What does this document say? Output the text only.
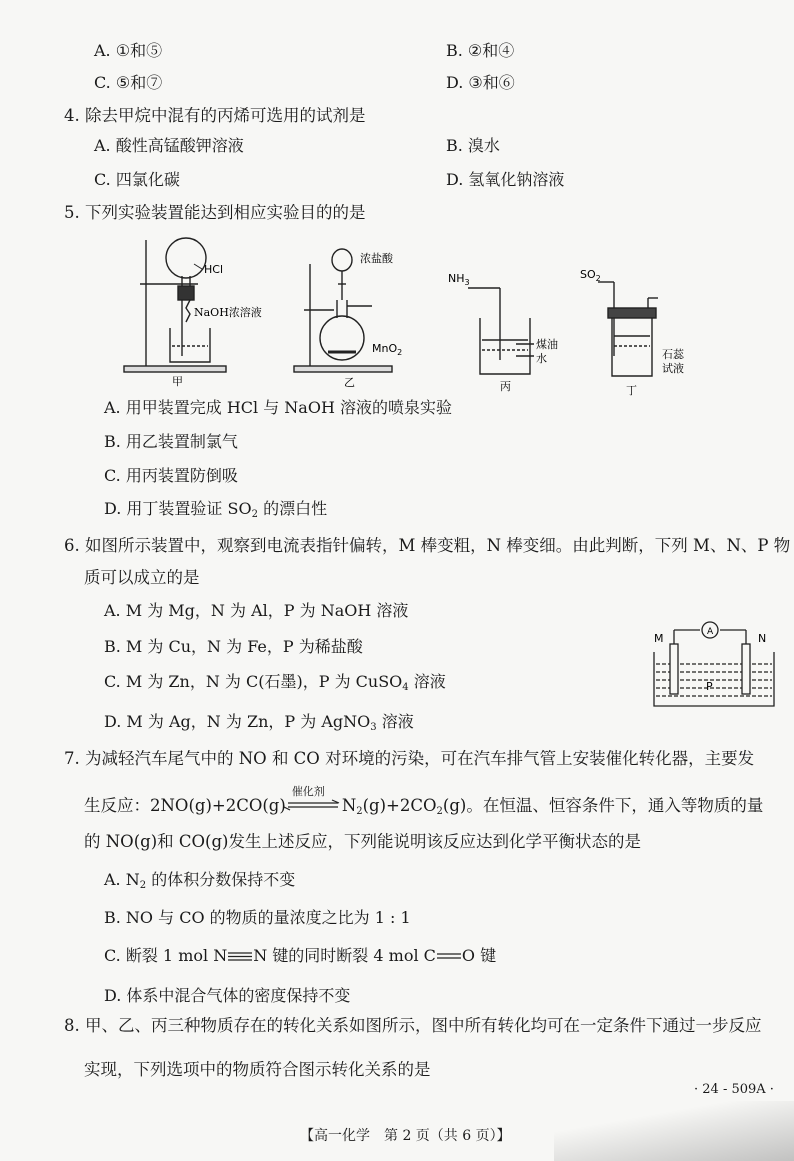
A. ①和⑤	B. ②和④
C. ⑤和⑦	D. ③和⑥
4. 除去甲烷中混有的丙烯可选用的试剂是
A. 酸性高锰酸钾溶液	B. 溴水
C. 四氯化碳	D. 氢氧化钠溶液
5. 下列实验装置能达到相应实验目的的是
HCl
NaOH浓溶液
甲
浓盐酸
MnO$_2$
乙
$NH_3$
煤油
水
丙
$SO_2$
石蕊
试液
丁
A. 用甲装置完成 HCl 与 NaOH 溶液的喷泉实验
B. 用乙装置制氯气
C. 用丙装置防倒吸
D. 用丁装置验证 $SO_2$ 的漂白性
6. 如图所示装置中，观察到电流表指针偏转，M 棒变粗，N 棒变细。由此判断，下列 M、N、P 物
质可以成立的是
A. M 为 Mg，N 为 Al，P 为 NaOH 溶液
B. M 为 Cu，N 为 Fe，P 为稀盐酸
C. M 为 Zn，N 为 C(石墨)，P 为 CuSO$_4$ 溶液
D. M 为 Ag，N 为 Zn，P 为 AgNO$_3$ 溶液
A
M	N
P
7. 为减轻汽车尾气中的 NO 和 CO 对环境的污染，可在汽车排气管上安装催化转化器，主要发
生反应：2NO(g)+2CO(g)
催化剂
$N_2(g)+2CO_2(g)$。在恒温、恒容条件下，通入等物质的量
的 NO(g)和 CO(g)发生上述反应，下列能说明该反应达到化学平衡状态的是
A. $N_2$ 的体积分数保持不变
B. NO 与 CO 的物质的量浓度之比为 1 : 1
C. 断裂 1 mol N N 键的同时断裂 4 mol C O 键
D. 体系中混合气体的密度保持不变
8. 甲、乙、丙三种物质存在的转化关系如图所示，图中所有转化均可在一定条件下通过一步反应
实现，下列选项中的物质符合图示转化关系的是
· 24 - 509A ·
【高一化学　第 2 页（共 6 页）】
